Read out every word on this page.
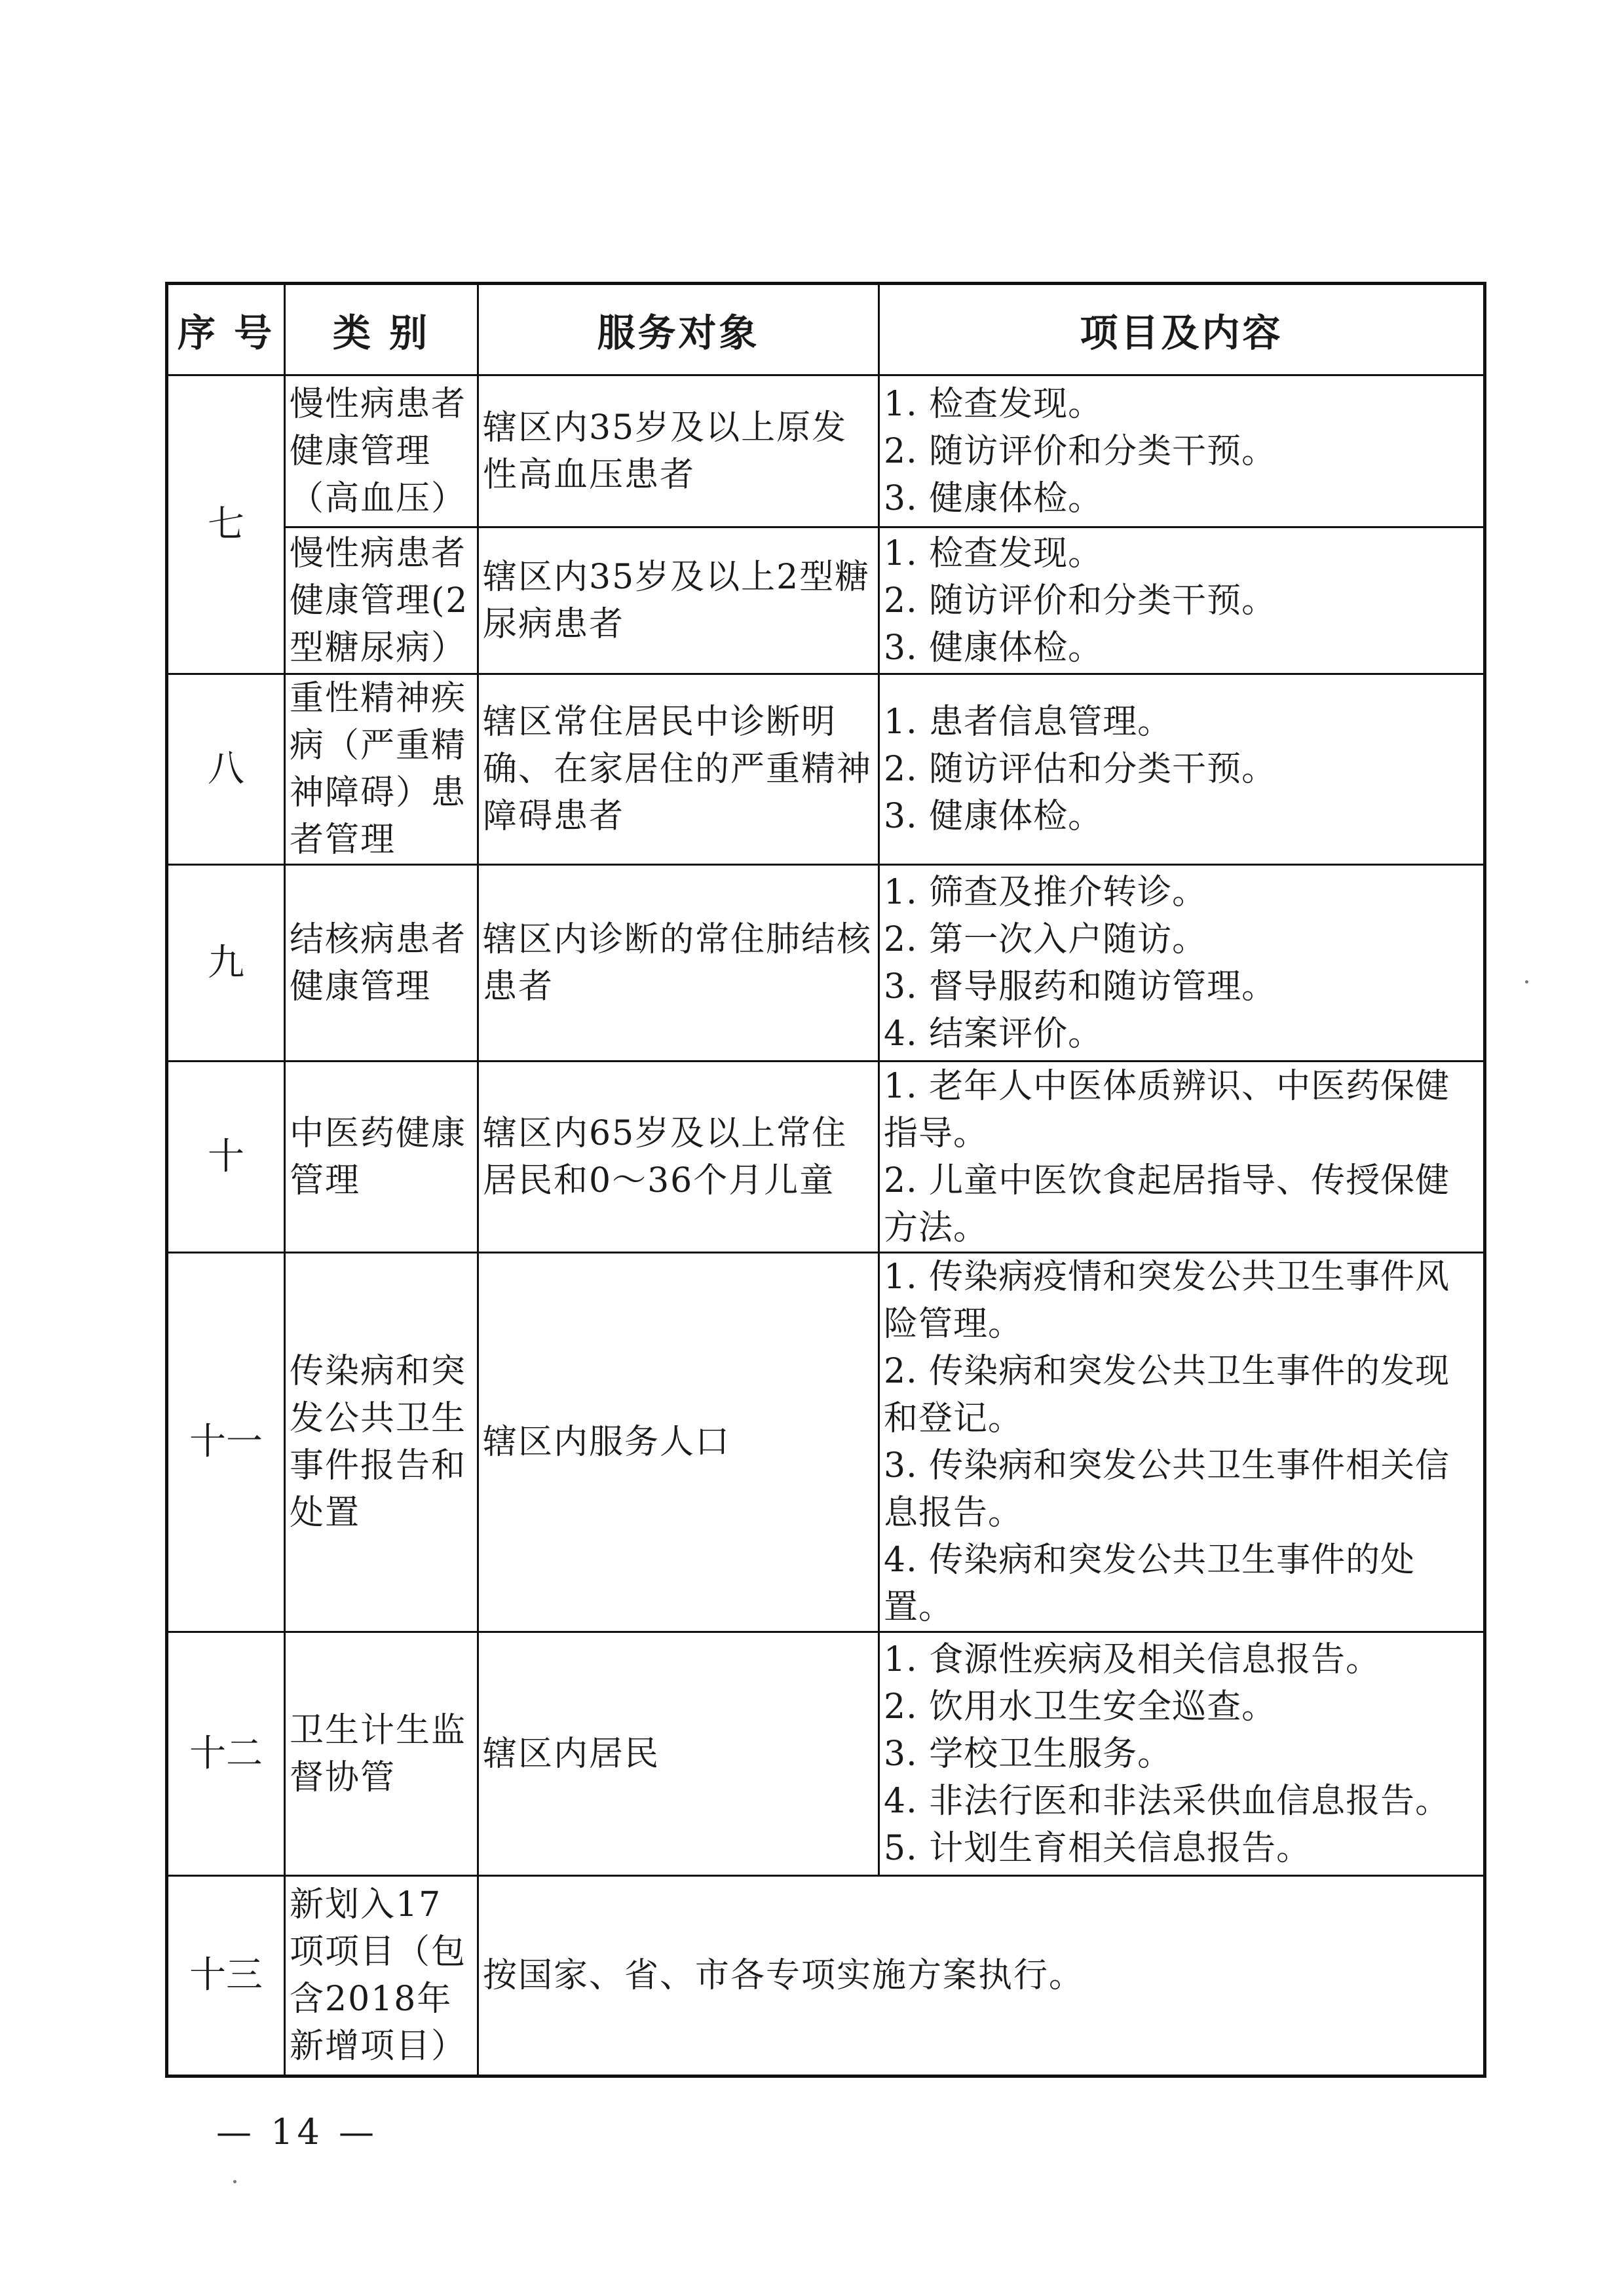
序 号	类 别	服务对象	项目及内容
七	慢性病患者健康管理（高血压）	辖区内35岁及以上原发性高血压患者	1. 检查发现。
2. 随访评价和分类干预。
3. 健康体检。

	慢性病患者健康管理(2型糖尿病）	辖区内35岁及以上2型糖尿病患者	1. 检查发现。
2. 随访评价和分类干预。
3. 健康体检。

八	重性精神疾病（严重精神障碍）患者管理	辖区常住居民中诊断明确、在家居住的严重精神障碍患者	1. 患者信息管理。
2. 随访评估和分类干预。
3. 健康体检。

九	结核病患者健康管理	辖区内诊断的常住肺结核患者	1. 筛查及推介转诊。
2. 第一次入户随访。
3. 督导服药和随访管理。
4. 结案评价。

十	中医药健康管理	辖区内65岁及以上常住居民和0～36个月儿童	1. 老年人中医体质辨识、中医药保健指导。
2. 儿童中医饮食起居指导、传授保健方法。

十一	传染病和突发公共卫生事件报告和处置	辖区内服务人口	1. 传染病疫情和突发公共卫生事件风险管理。
2. 传染病和突发公共卫生事件的发现和登记。
3. 传染病和突发公共卫生事件相关信息报告。
4. 传染病和突发公共卫生事件的处置。

十二	卫生计生监督协管	辖区内居民	1. 食源性疾病及相关信息报告。
2. 饮用水卫生安全巡查。
3. 学校卫生服务。
4. 非法行医和非法采供血信息报告。
5. 计划生育相关信息报告。

十三	新划入17项项目（包含2018年新增项目）	按国家、省、市各专项实施方案执行。	
— 14 —
